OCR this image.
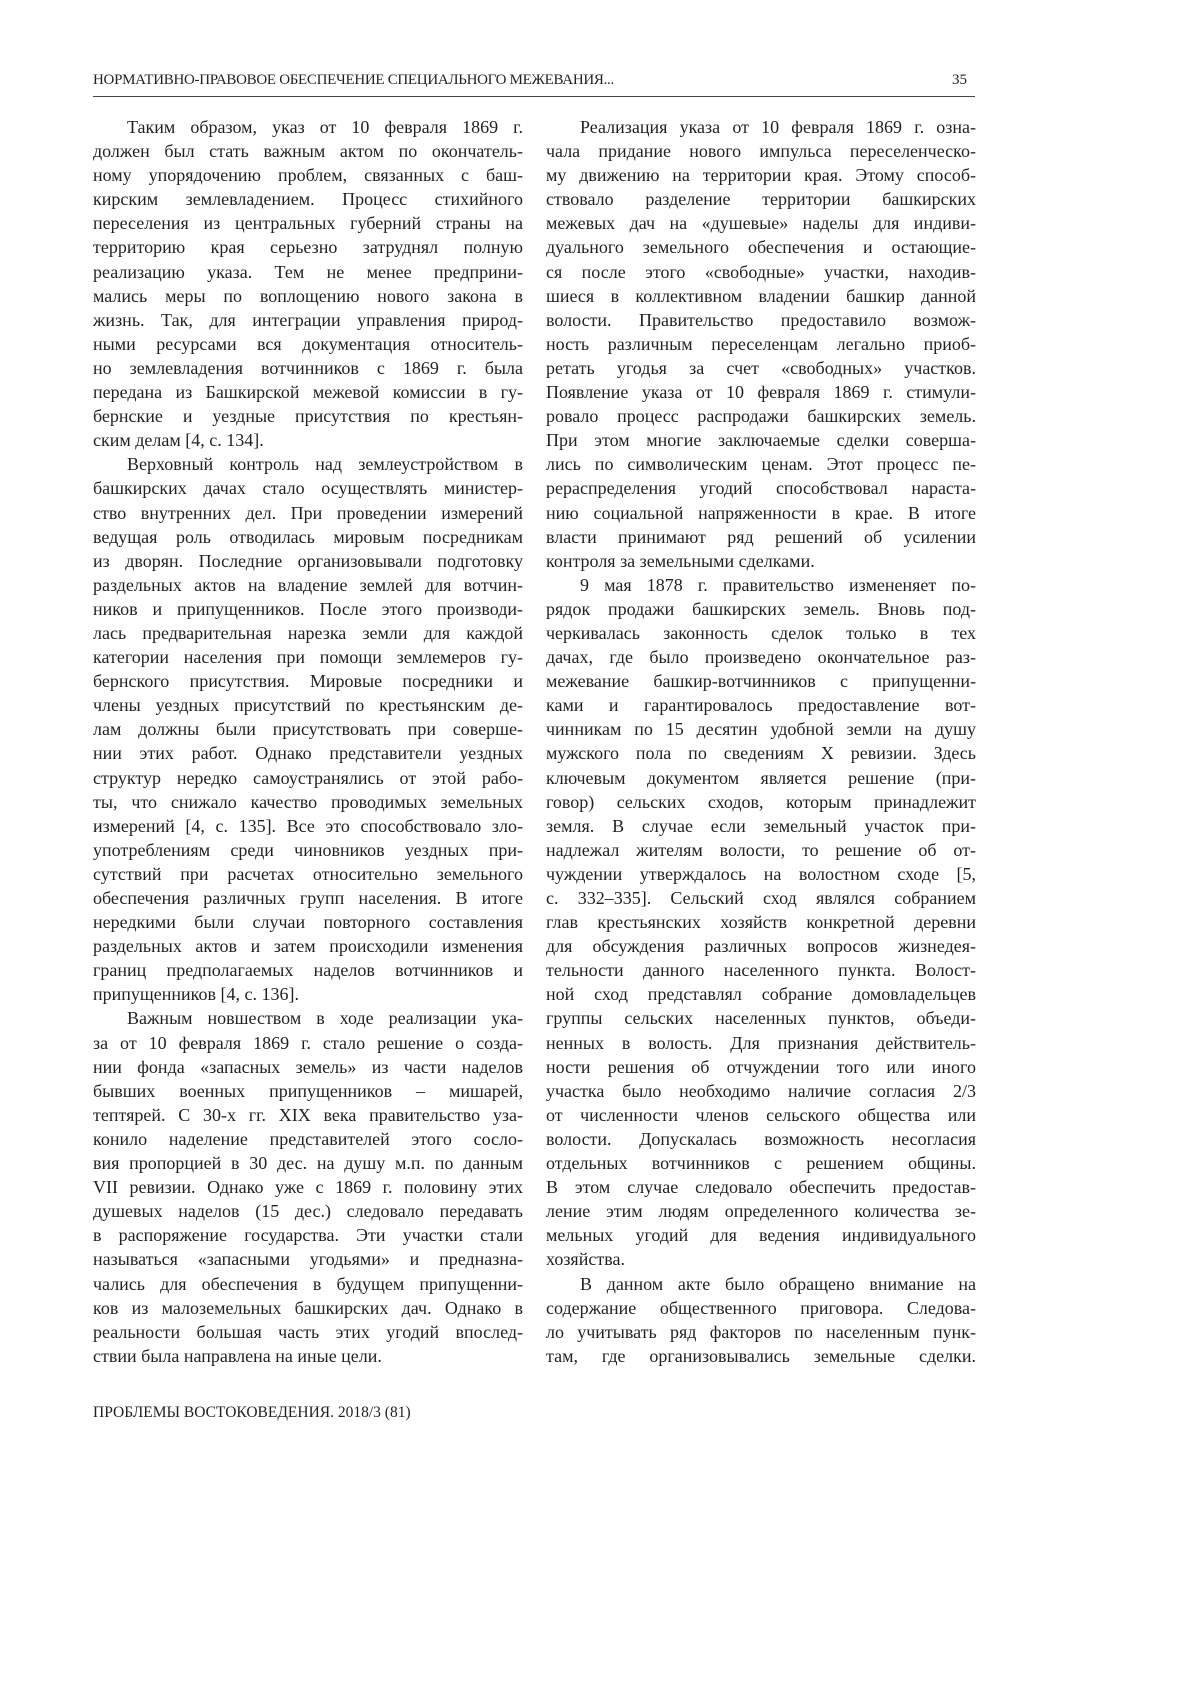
НОРМАТИВНО-ПРАВОВОЕ ОБЕСПЕЧЕНИЕ СПЕЦИАЛЬНОГО МЕЖЕВАНИЯ...	35
Таким образом, указ от 10 февраля 1869 г.
должен был стать важным актом по окончатель-
ному упорядочению проблем, связанных с баш-
кирским землевладением. Процесс стихийного
переселения из центральных губерний страны на
территорию края серьезно затруднял полную
реализацию указа. Тем не менее предприни-
мались меры по воплощению нового закона в
жизнь. Так, для интеграции управления природ-
ными ресурсами вся документация относитель-
но землевладения вотчинников с 1869 г. была
передана из Башкирской межевой комиссии в гу-
бернские и уездные присутствия по крестьян-
ским делам [4, с. 134].
Верховный контроль над землеустройством в
башкирских дачах стало осуществлять министер-
ство внутренних дел. При проведении измерений
ведущая роль отводилась мировым посредникам
из дворян. Последние организовывали подготовку
раздельных актов на владение землей для вотчин-
ников и припущенников. После этого производи-
лась предварительная нарезка земли для каждой
категории населения при помощи землемеров гу-
бернского присутствия. Мировые посредники и
члены уездных присутствий по крестьянским де-
лам должны были присутствовать при соверше-
нии этих работ. Однако представители уездных
структур нередко самоустранялись от этой рабо-
ты, что снижало качество проводимых земельных
измерений [4, с. 135]. Все это способствовало зло-
употреблениям среди чиновников уездных при-
сутствий при расчетах относительно земельного
обеспечения различных групп населения. В итоге
нередкими были случаи повторного составления
раздельных актов и затем происходили изменения
границ предполагаемых наделов вотчинников и
припущенников [4, с. 136].
Важным новшеством в ходе реализации ука-
за от 10 февраля 1869 г. стало решение о созда-
нии фонда «запасных земель» из части наделов
бывших военных припущенников – мишарей,
тептярей. С 30-х гг. XIX века правительство уза-
конило наделение представителей этого сосло-
вия пропорцией в 30 дес. на душу м.п. по данным
VII ревизии. Однако уже с 1869 г. половину этих
душевых наделов (15 дес.) следовало передавать
в распоряжение государства. Эти участки стали
называться «запасными угодьями» и предназна-
чались для обеспечения в будущем припущенни-
ков из малоземельных башкирских дач. Однако в
реальности большая часть этих угодий впослед-
ствии была направлена на иные цели.
Реализация указа от 10 февраля 1869 г. озна-
чала придание нового импульса переселенческо-
му движению на территории края. Этому способ-
ствовало разделение территории башкирских
межевых дач на «душевые» наделы для индиви-
дуального земельного обеспечения и остающие-
ся после этого «свободные» участки, находив-
шиеся в коллективном владении башкир данной
волости. Правительство предоставило возмож-
ность различным переселенцам легально приоб-
ретать угодья за счет «свободных» участков.
Появление указа от 10 февраля 1869 г. стимули-
ровало процесс распродажи башкирских земель.
При этом многие заключаемые сделки соверша-
лись по символическим ценам. Этот процесс пе-
рераспределения угодий способствовал нараста-
нию социальной напряженности в крае. В итоге
власти принимают ряд решений об усилении
контроля за земельными сделками.
9 мая 1878 г. правительство измененяет по-
рядок продажи башкирских земель. Вновь под-
черкивалась законность сделок только в тех
дачах, где было произведено окончательное раз-
межевание башкир-вотчинников с припущенни-
ками и гарантировалось предоставление вот-
чинникам по 15 десятин удобной земли на душу
мужского пола по сведениям X ревизии. Здесь
ключевым документом является решение (при-
говор) сельских сходов, которым принадлежит
земля. В случае если земельный участок при-
надлежал жителям волости, то решение об от-
чуждении утверждалось на волостном сходе [5,
с. 332–335]. Сельский сход являлся собранием
глав крестьянских хозяйств конкретной деревни
для обсуждения различных вопросов жизнедея-
тельности данного населенного пункта. Волост-
ной сход представлял собрание домовладельцев
группы сельских населенных пунктов, объеди-
ненных в волость. Для признания действитель-
ности решения об отчуждении того или иного
участка было необходимо наличие согласия 2/3
от численности членов сельского общества или
волости. Допускалась возможность несогласия
отдельных вотчинников с решением общины.
В этом случае следовало обеспечить предостав-
ление этим людям определенного количества зе-
мельных угодий для ведения индивидуального
хозяйства.
В данном акте было обращено внимание на
содержание общественного приговора. Следова-
ло учитывать ряд факторов по населенным пунк-
там, где организовывались земельные сделки.
ПРОБЛЕМЫ ВОСТОКОВЕДЕНИЯ. 2018/3 (81)
